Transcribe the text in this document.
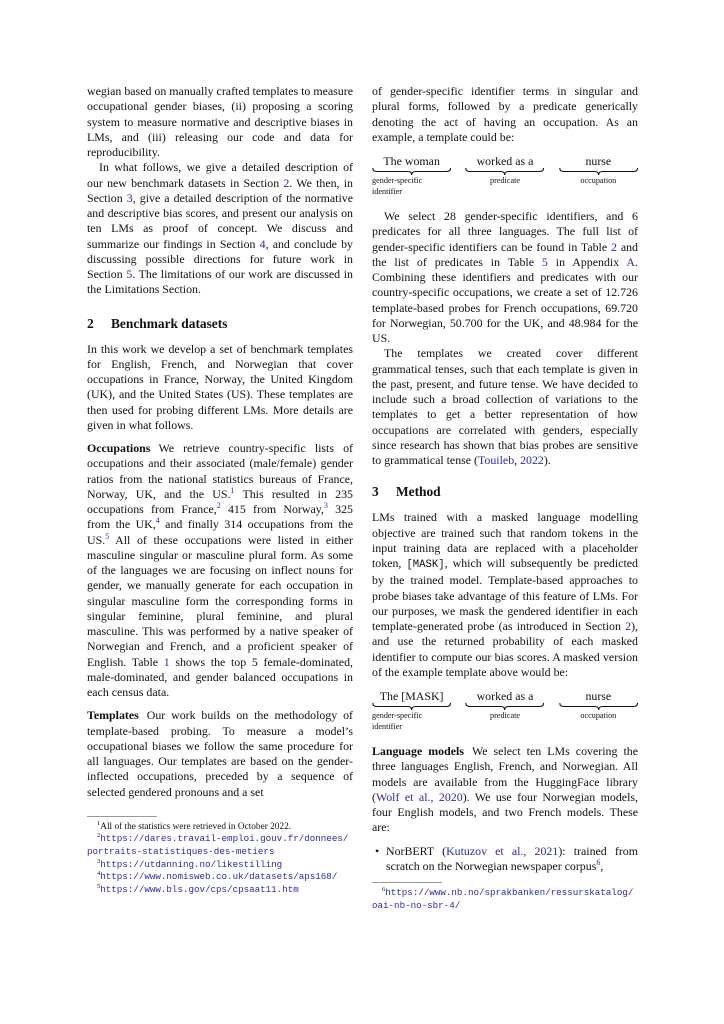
wegian based on manually crafted templates to measure occupational gender biases, (ii) proposing a scoring system to measure normative and descriptive biases in LMs, and (iii) releasing our code and data for reproducibility.

In what follows, we give a detailed description of our new benchmark datasets in Section 2. We then, in Section 3, give a detailed description of the normative and descriptive bias scores, and present our analysis on ten LMs as proof of concept. We discuss and summarize our findings in Section 4, and conclude by discussing possible directions for future work in Section 5. The limitations of our work are discussed in the Limitations Section.

2 Benchmark datasets

In this work we develop a set of benchmark templates for English, French, and Norwegian that cover occupations in France, Norway, the United Kingdom (UK), and the United States (US). These templates are then used for probing different LMs. More details are given in what follows.

Occupations We retrieve country-specific lists of occupations and their associated (male/female) gender ratios from the national statistics bureaus of France, Norway, UK, and the US.$^1$ This resulted in 235 occupations from France,$^2$ 415 from Norway,$^3$ 325 from the UK,$^4$ and finally 314 occupations from the US.$^5$ All of these occupations were listed in either masculine singular or masculine plural form. As some of the languages we are focusing on inflect nouns for gender, we manually generate for each occupation in singular masculine form the corresponding forms in singular feminine, plural feminine, and plural masculine. This was performed by a native speaker of Norwegian and French, and a proficient speaker of English. Table 1 shows the top 5 female-dominated, male-dominated, and gender balanced occupations in each census data.

Templates Our work builds on the methodology of template-based probing. To measure a model’s occupational biases we follow the same procedure for all languages. Our templates are based on the gender-inflected occupations, preceded by a sequence of selected gendered pronouns and a set

$^1$All of the statistics were retrieved in October 2022.
$^2$https://dares.travail-emploi.gouv.fr/donnees/portraits-statistiques-des-metiers
$^3$https://utdanning.no/likestilling
$^4$https://www.nomisweb.co.uk/datasets/aps168/
$^5$https://www.bls.gov/cps/cpsaat11.htm

of gender-specific identifier terms in singular and plural forms, followed by a predicate generically denoting the act of having an occupation. As an example, a template could be:

The woman
gender-specific identifier
worked as a
predicate
nurse
occupation

We select 28 gender-specific identifiers, and 6 predicates for all three languages. The full list of gender-specific identifiers can be found in Table 2 and the list of predicates in Table 5 in Appendix A. Combining these identifiers and predicates with our country-specific occupations, we create a set of 12.726 template-based probes for French occupations, 69.720 for Norwegian, 50.700 for the UK, and 48.984 for the US.

The templates we created cover different grammatical tenses, such that each template is given in the past, present, and future tense. We have decided to include such a broad collection of variations to the templates to get a better representation of how occupations are correlated with genders, especially since research has shown that bias probes are sensitive to grammatical tense (Touileb, 2022).

3 Method

LMs trained with a masked language modelling objective are trained such that random tokens in the input training data are replaced with a placeholder token, [MASK], which will subsequently be predicted by the trained model. Template-based approaches to probe biases take advantage of this feature of LMs. For our purposes, we mask the gendered identifier in each template-generated probe (as introduced in Section 2), and use the returned probability of each masked identifier to compute our bias scores. A masked version of the example template above would be:

The [MASK]
gender-specific identifier
worked as a
predicate
nurse
occupation

Language models We select ten LMs covering the three languages English, French, and Norwegian. All models are available from the HuggingFace library (Wolf et al., 2020). We use four Norwegian models, four English models, and two French models. These are:

• NorBERT (Kutuzov et al., 2021): trained from scratch on the Norwegian newspaper corpus$^6$,
$^6$https://www.nb.no/sprakbanken/ressurskatalog/oai-nb-no-sbr-4/
